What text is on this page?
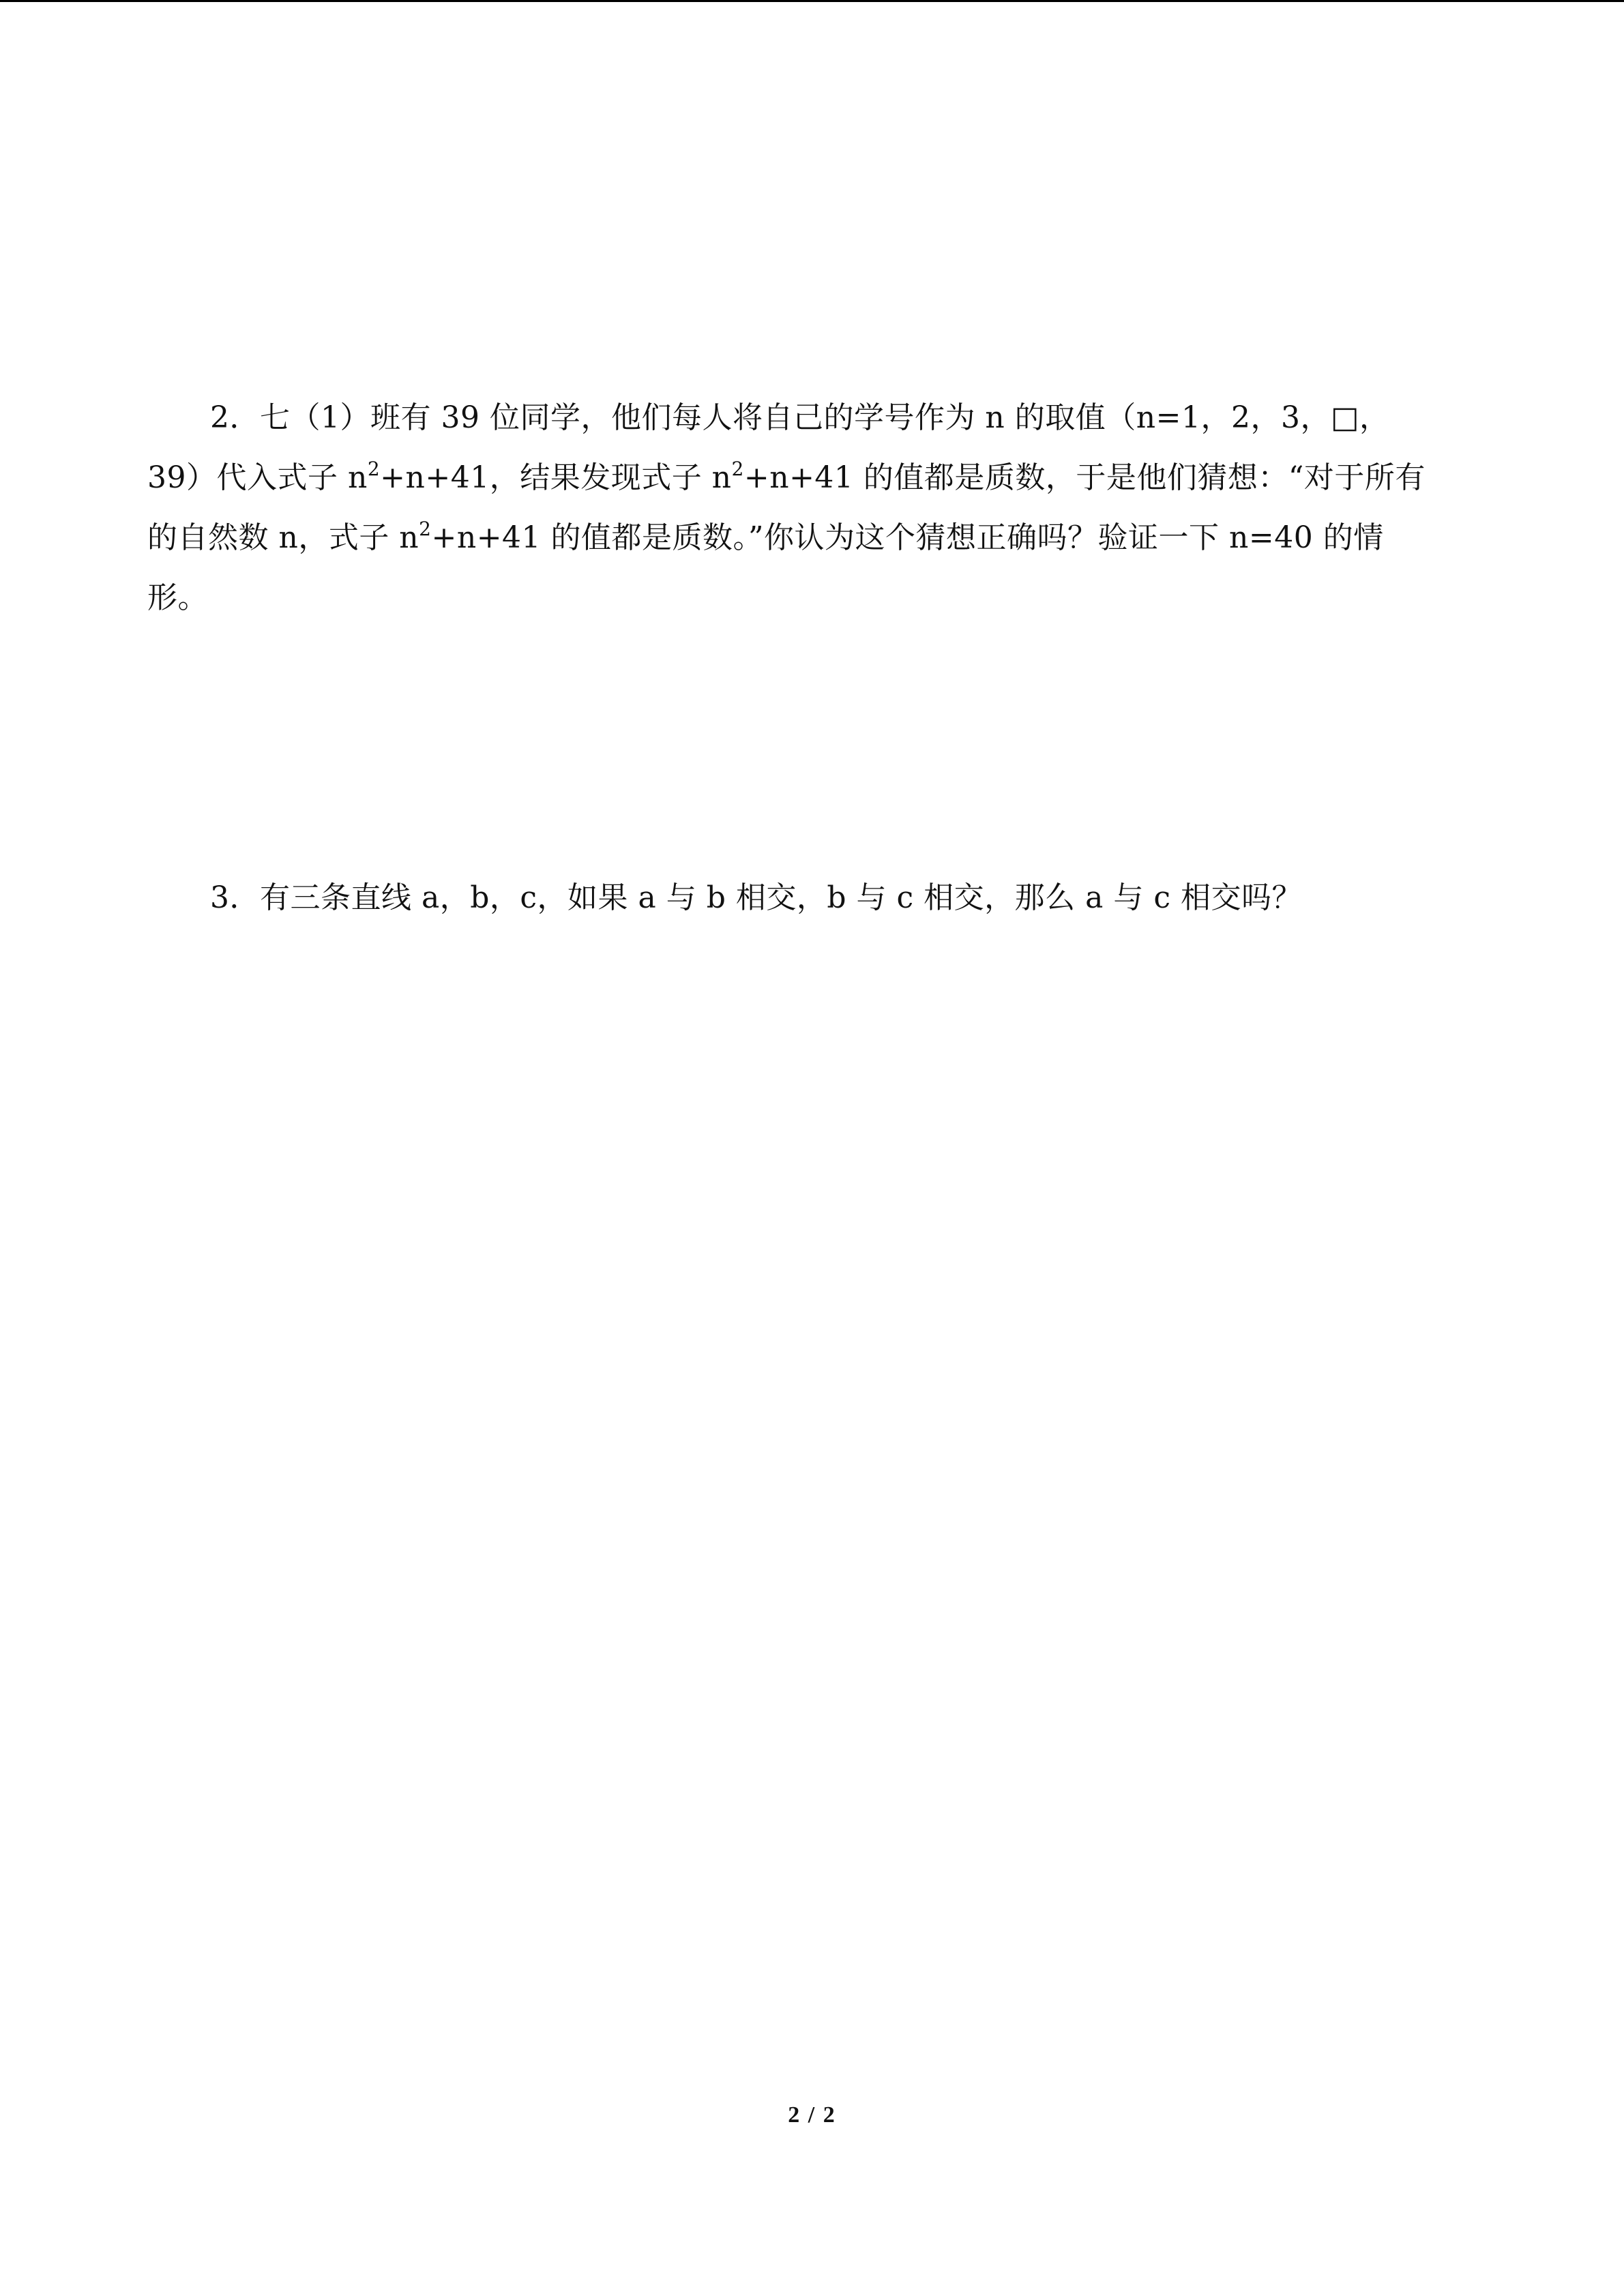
2．七（1）班有 39 位同学，他们每人将自己的学号作为 n 的取值（n=1，2，3，□，
39）代入式子 $n^2+n+41$，结果发现式子 $n^2+n+41$ 的值都是质数，于是他们猜想：“对于所有
的自然数 n，式子 $n^2+n+41$ 的值都是质数。”你认为这个猜想正确吗？验证一下 n=40 的情
形。
3．有三条直线 a，b，c，如果 a 与 b 相交，b 与 c 相交，那么 a 与 c 相交吗？
2 / 2
